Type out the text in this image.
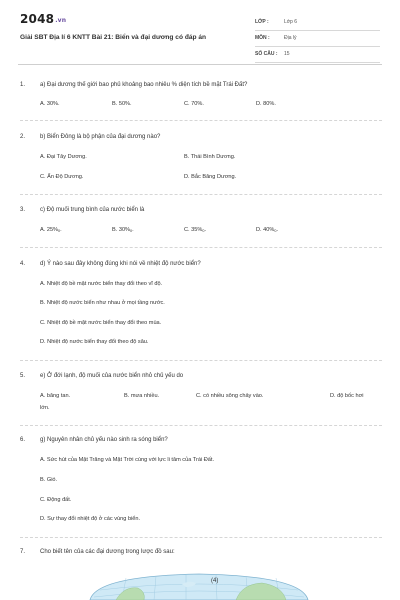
2048.vn
Giải SBT Địa lí 6 KNTT Bài 21: Biển và đại dương có đáp án
LỚP :	Lớp 6
MÔN :	Địa lý
SỐ CÂU : 15
1. a) Đại dương thế giới bao phủ khoảng bao nhiêu % diện tích bề mặt Trái Đất?
A. 30%.	B. 50%.	C. 70%.	D. 80%.
2. b) Biển Đông là bộ phận của đại dương nào?
A. Đại Tây Dương.	B. Thái Bình Dương.
C. Ấn Độ Dương.	D. Bắc Băng Dương.
3. c) Độ muối trung bình của nước biển là
A. $25\%_0$.	B. $30\%_0$.	C. $35\%_0$.	D. $40\%_0$.
4. d) Ý nào sau đây không đúng khi nói về nhiệt độ nước biển?
A. Nhiệt độ bề mặt nước biển thay đổi theo vĩ độ.
B. Nhiệt độ nước biển như nhau ở mọi tầng nước.
C. Nhiệt độ bề mặt nước biển thay đổi theo mùa.
D. Nhiệt độ nước biển thay đổi theo độ sâu.
5. e) Ở đới lạnh, độ muối của nước biển nhỏ chủ yếu do
A. băng tan.	B. mưa nhiều.	C. có nhiều sông chảy vào.	D. độ bốc hơi
lớn.
6. g) Nguyên nhân chủ yếu nào sinh ra sóng biển?
A. Sức hút của Mặt Trăng và Mặt Trời cùng với lực li tâm của Trái Đất.
B. Gió.
C. Động đất.
D. Sự thay đổi nhiệt độ ở các vùng biển.
7. Cho biết tên của các đại dương trong lược đồ sau:
(4)
